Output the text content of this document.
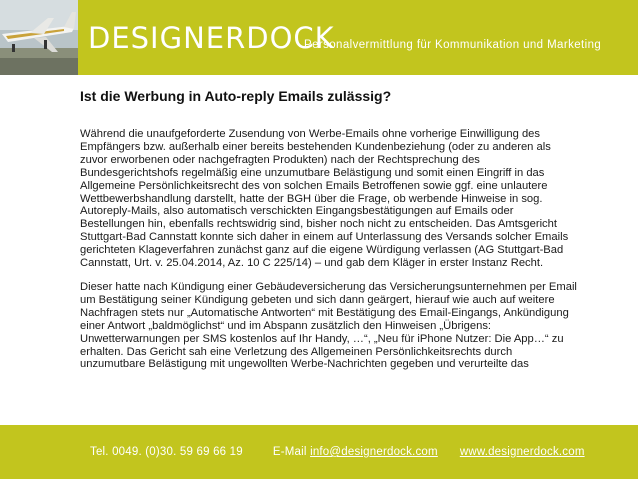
DESIGNERDOCK
Personalvermittlung für Kommunikation und Marketing
Ist die Werbung in Auto-reply Emails zulässig?

Während die unaufgeforderte Zusendung von Werbe-Emails ohne vorherige Einwilligung des Empfängers bzw. außerhalb einer bereits bestehenden Kundenbeziehung (oder zu anderen als zuvor erworbenen oder nachgefragten Produkten) nach der Rechtsprechung des Bundesgerichtshofs regelmäßig eine unzumutbare Belästigung und somit einen Eingriff in das Allgemeine Persönlichkeitsrecht des von solchen Emails Betroffenen sowie ggf. eine unlautere Wettbewerbshandlung darstellt, hatte der BGH über die Frage, ob werbende Hinweise in sog. Autoreply-Mails, also automatisch verschickten Eingangsbestätigungen auf Emails oder Bestellungen hin, ebenfalls rechtswidrig sind, bisher noch nicht zu entscheiden. Das Amtsgericht Stuttgart-Bad Cannstatt konnte sich daher in einem auf Unterlassung des Versands solcher Emails gerichteten Klageverfahren zunächst ganz auf die eigene Würdigung verlassen (AG Stuttgart-Bad Cannstatt, Urt. v. 25.04.2014, Az. 10 C 225/14) – und gab dem Kläger in erster Instanz Recht.

Dieser hatte nach Kündigung einer Gebäudeversicherung das Versicherungsunternehmen per Email um Bestätigung seiner Kündigung gebeten und sich dann geärgert, hierauf wie auch auf weitere Nachfragen stets nur „Automatische Antworten“ mit Bestätigung des Email-Eingangs, Ankündigung einer Antwort „baldmöglichst“ und im Abspann zusätzlich den Hinweisen „Übrigens: Unwetterwarnungen per SMS kostenlos auf Ihr Handy, …“, „Neu für iPhone Nutzer: Die App…“ zu erhalten. Das Gericht sah eine Verletzung des Allgemeinen Persönlichkeitsrechts durch unzumutbare Belästigung mit ungewollten Werbe-Nachrichten gegeben und verurteilte das

Tel. 0049. (0)30. 59 69 66 19	E-Mail info@designerdock.com www.designerdock.com
